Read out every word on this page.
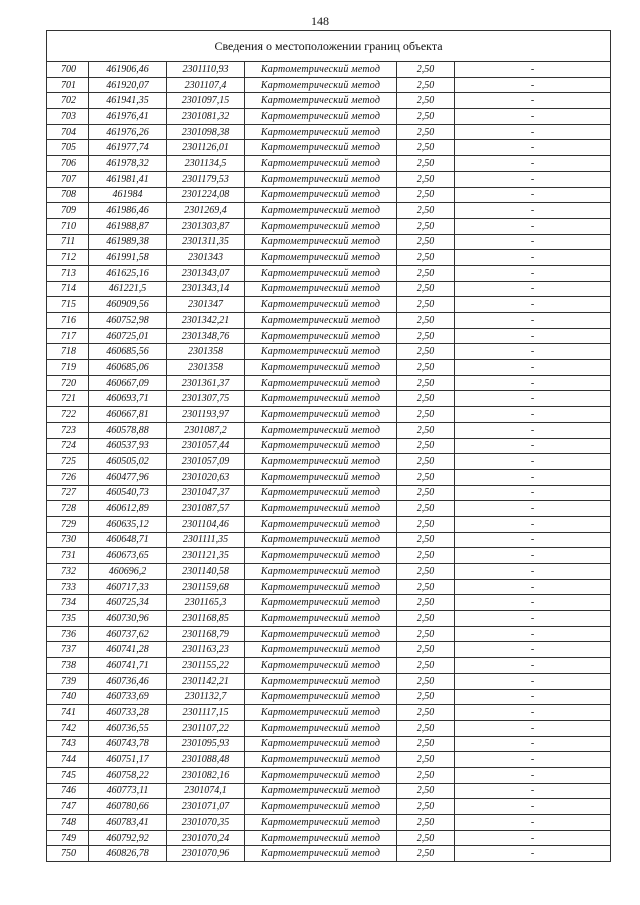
148
Сведения о местоположении границ объекта					
700	461906,46	2301110,93	Картометрический метод	2,50	-
701	461920,07	2301107,4	Картометрический метод	2,50	-
702	461941,35	2301097,15	Картометрический метод	2,50	-
703	461976,41	2301081,32	Картометрический метод	2,50	-
704	461976,26	2301098,38	Картометрический метод	2,50	-
705	461977,74	2301126,01	Картометрический метод	2,50	-
706	461978,32	2301134,5	Картометрический метод	2,50	-
707	461981,41	2301179,53	Картометрический метод	2,50	-
708	461984	2301224,08	Картометрический метод	2,50	-
709	461986,46	2301269,4	Картометрический метод	2,50	-
710	461988,87	2301303,87	Картометрический метод	2,50	-
711	461989,38	2301311,35	Картометрический метод	2,50	-
712	461991,58	2301343	Картометрический метод	2,50	-
713	461625,16	2301343,07	Картометрический метод	2,50	-
714	461221,5	2301343,14	Картометрический метод	2,50	-
715	460909,56	2301347	Картометрический метод	2,50	-
716	460752,98	2301342,21	Картометрический метод	2,50	-
717	460725,01	2301348,76	Картометрический метод	2,50	-
718	460685,56	2301358	Картометрический метод	2,50	-
719	460685,06	2301358	Картометрический метод	2,50	-
720	460667,09	2301361,37	Картометрический метод	2,50	-
721	460693,71	2301307,75	Картометрический метод	2,50	-
722	460667,81	2301193,97	Картометрический метод	2,50	-
723	460578,88	2301087,2	Картометрический метод	2,50	-
724	460537,93	2301057,44	Картометрический метод	2,50	-
725	460505,02	2301057,09	Картометрический метод	2,50	-
726	460477,96	2301020,63	Картометрический метод	2,50	-
727	460540,73	2301047,37	Картометрический метод	2,50	-
728	460612,89	2301087,57	Картометрический метод	2,50	-
729	460635,12	2301104,46	Картометрический метод	2,50	-
730	460648,71	2301111,35	Картометрический метод	2,50	-
731	460673,65	2301121,35	Картометрический метод	2,50	-
732	460696,2	2301140,58	Картометрический метод	2,50	-
733	460717,33	2301159,68	Картометрический метод	2,50	-
734	460725,34	2301165,3	Картометрический метод	2,50	-
735	460730,96	2301168,85	Картометрический метод	2,50	-
736	460737,62	2301168,79	Картометрический метод	2,50	-
737	460741,28	2301163,23	Картометрический метод	2,50	-
738	460741,71	2301155,22	Картометрический метод	2,50	-
739	460736,46	2301142,21	Картометрический метод	2,50	-
740	460733,69	2301132,7	Картометрический метод	2,50	-
741	460733,28	2301117,15	Картометрический метод	2,50	-
742	460736,55	2301107,22	Картометрический метод	2,50	-
743	460743,78	2301095,93	Картометрический метод	2,50	-
744	460751,17	2301088,48	Картометрический метод	2,50	-
745	460758,22	2301082,16	Картометрический метод	2,50	-
746	460773,11	2301074,1	Картометрический метод	2,50	-
747	460780,66	2301071,07	Картометрический метод	2,50	-
748	460783,41	2301070,35	Картометрический метод	2,50	-
749	460792,92	2301070,24	Картометрический метод	2,50	-
750	460826,78	2301070,96	Картометрический метод	2,50	-
